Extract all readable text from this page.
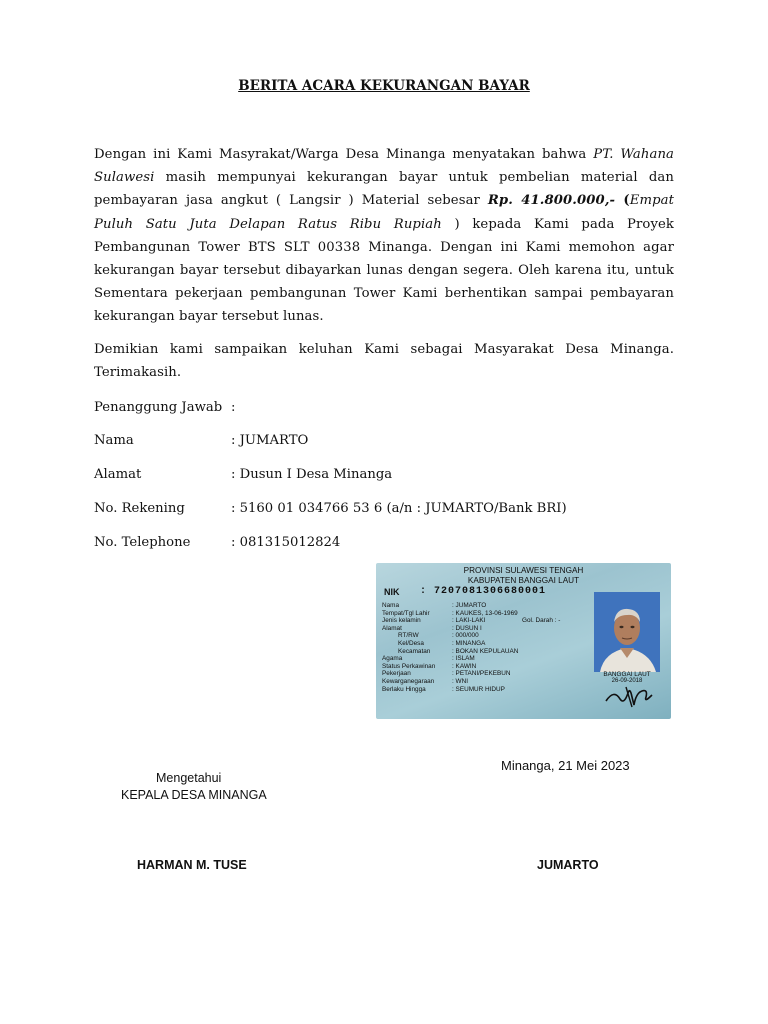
BERITA ACARA KEKURANGAN BAYAR
Dengan ini Kami Masyrakat/Warga Desa Minanga menyatakan bahwa PT. Wahana Sulawesi masih mempunyai kekurangan bayar untuk pembelian material dan pembayaran jasa angkut ( Langsir ) Material sebesar Rp. 41.800.000,- (Empat Puluh Satu Juta Delapan Ratus Ribu Rupiah ) kepada Kami pada Proyek Pembangunan Tower BTS SLT 00338 Minanga. Dengan ini Kami memohon agar kekurangan bayar tersebut dibayarkan lunas dengan segera. Oleh karena itu, untuk Sementara pekerjaan pembangunan Tower Kami berhentikan sampai pembayaran kekurangan bayar tersebut lunas.
Demikian kami sampaikan keluhan Kami sebagai Masyarakat Desa Minanga. Terimakasih.
Penanggung Jawab :
Nama	: JUMARTO
Alamat	: Dusun I Desa Minanga
No. Rekening	: 5160 01 034766 53 6 (a/n : JUMARTO/Bank BRI)
No. Telephone	: 081315012824
PROVINSI SULAWESI TENGAH
KABUPATEN BANGGAI LAUT
NIK : 7207081306680001
Nama	: JUMARTO
Tempat/Tgl Lahir	: KAUKES, 13-06-1969
Jenis kelamin	: LAKI-LAKI	Gol. Darah : -
Alamat	: DUSUN I
RT/RW	: 000/000
Kel/Desa	: MINANGA
Kecamatan	: BOKAN KEPULAUAN
Agama	: ISLAM
Status Perkawinan	: KAWIN
Pekerjaan	: PETANI/PEKEBUN
Kewarganegaraan	: WNI
Berlaku Hingga	: SEUMUR HIDUP
BANGGAI LAUT
26-09-2018
Minanga, 21 Mei 2023
Mengetahui
KEPALA DESA MINANGA
HARMAN M. TUSE	JUMARTO
